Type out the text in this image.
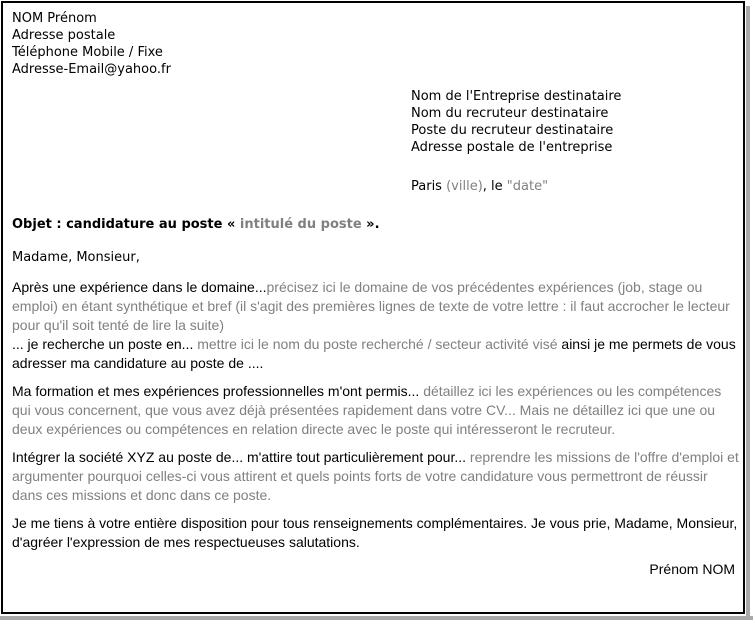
NOM Prénom
Adresse postale
Téléphone Mobile / Fixe
Adresse-Email@yahoo.fr
Nom de l'Entreprise destinataire
Nom du recruteur destinataire
Poste du recruteur destinataire
Adresse postale de l'entreprise
Paris (ville), le "date"
Objet : candidature au poste « intitulé du poste ».
Madame, Monsieur,
Après une expérience dans le domaine...précisez ici le domaine de vos précédentes expériences (job, stage ou emploi) en étant synthétique et bref (il s'agit des premières lignes de texte de votre lettre : il faut accrocher le lecteur pour qu'il soit tenté de lire la suite)
... je recherche un poste en... mettre ici le nom du poste recherché / secteur activité visé ainsi je me permets de vous adresser ma candidature au poste de ....
Ma formation et mes expériences professionnelles m'ont permis... détaillez ici les expériences ou les compétences qui vous concernent, que vous avez déjà présentées rapidement dans votre CV... Mais ne détaillez ici que une ou deux expériences ou compétences en relation directe avec le poste qui intéresseront le recruteur.
Intégrer la société XYZ au poste de... m'attire tout particulièrement pour... reprendre les missions de l'offre d'emploi et argumenter pourquoi celles-ci vous attirent et quels points forts de votre candidature vous permettront de réussir dans ces missions et donc dans ce poste.
Je me tiens à votre entière disposition pour tous renseignements complémentaires. Je vous prie, Madame, Monsieur, d'agréer l'expression de mes respectueuses salutations.
Prénom NOM
